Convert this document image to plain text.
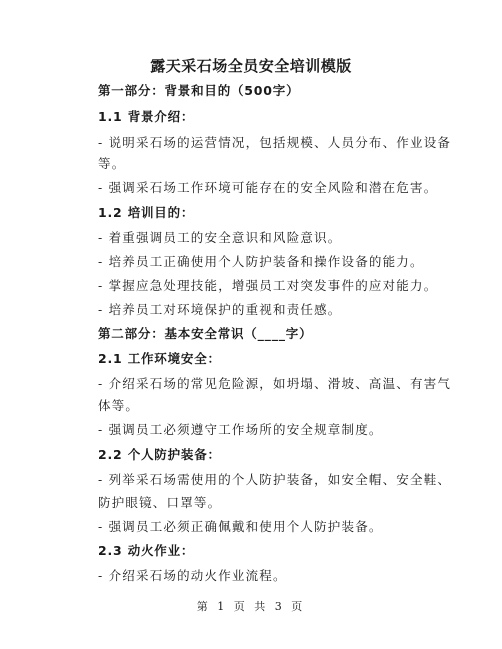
露天采石场全员安全培训模版
第一部分：背景和目的（500字）
1.1 背景介绍：
- 说明采石场的运营情况，包括规模、人员分布、作业设备
等。
- 强调采石场工作环境可能存在的安全风险和潜在危害。
1.2 培训目的：
- 着重强调员工的安全意识和风险意识。
- 培养员工正确使用个人防护装备和操作设备的能力。
- 掌握应急处理技能，增强员工对突发事件的应对能力。
- 培养员工对环境保护的重视和责任感。
第二部分：基本安全常识（____字）
2.1 工作环境安全：
- 介绍采石场的常见危险源，如坍塌、滑坡、高温、有害气
体等。
- 强调员工必须遵守工作场所的安全规章制度。
2.2 个人防护装备：
- 列举采石场需使用的个人防护装备，如安全帽、安全鞋、
防护眼镜、口罩等。
- 强调员工必须正确佩戴和使用个人防护装备。
2.3 动火作业：
- 介绍采石场的动火作业流程。
第 1 页 共 3 页
